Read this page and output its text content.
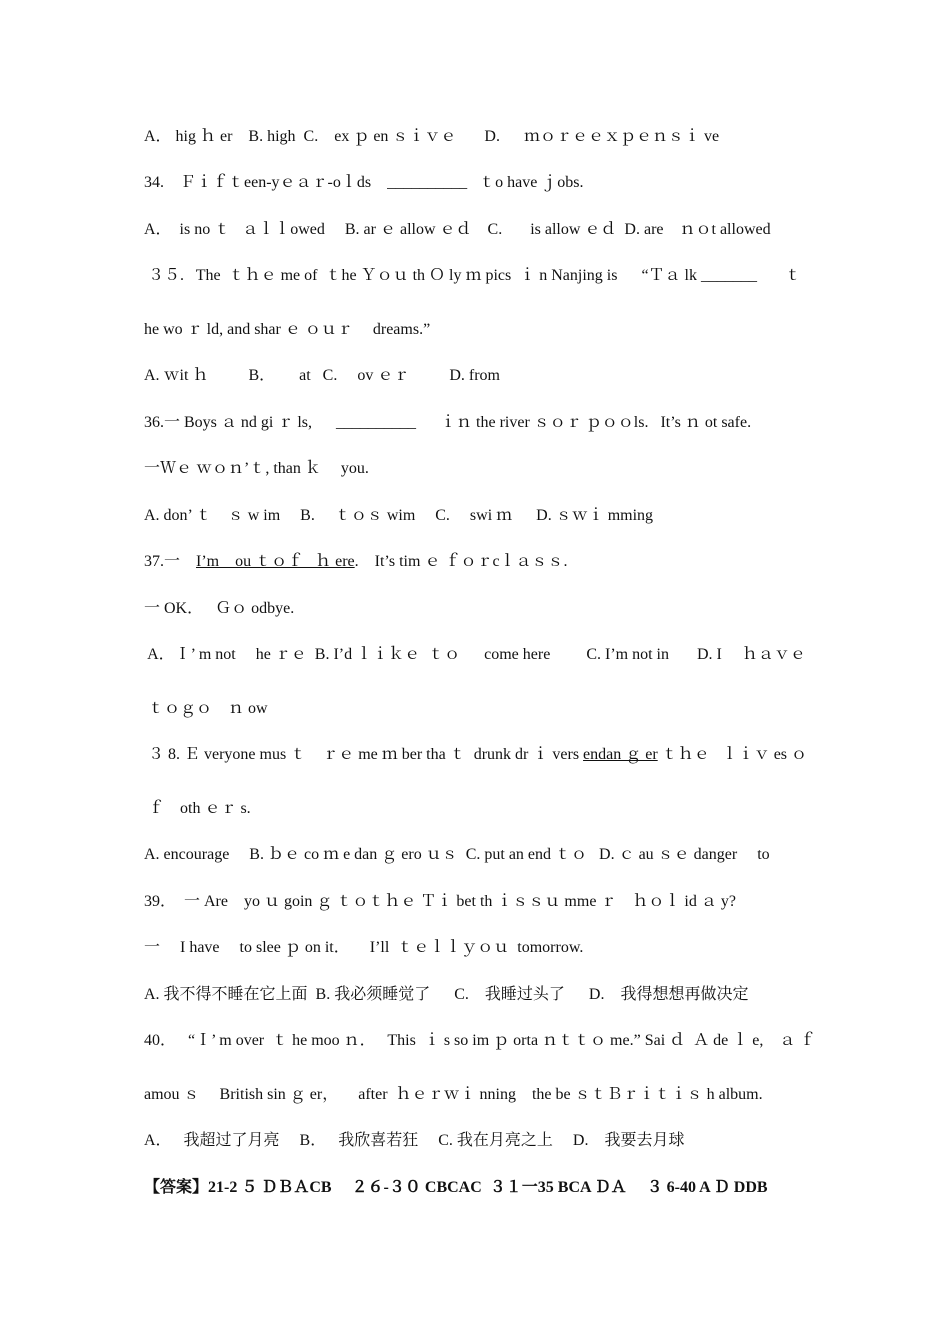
A． hig ｈ er    B. high  C.    ex ｐ en ｓｉｖｅ       D.      ｍｏｒｅｅｘｐｅｎｓｉ ve
34.    Ｆｉｆｔeen-yｅａｒ-oｌds    __________   ｔo have ｊobs.
A．  is no ｔ   ａｌｌowed     B. ar ｅ allow ｅｄ    C.       is allow ｅｄ  D. are    ｎｏt allowed
３５.   The  ｔｈｅ me of  ｔhe Ｙｏｕ th Ｏ ly ｍ pics  ｉ n Nanjing is      “Ｔａ lk _______       ｔ
he wo ｒ ld, and shar ｅ ｏｕｒ     dreams.”
A. ｗit ｈ          B．      at   C.     ov ｅｒ          D. from
36.一 Boys ａ nd gi ｒ ls,      __________      ｉｎ the river ｓｏｒ ｐｏｏls.   It’s ｎ ot safe.
一Ｗｅ ｗｏｎ’ｔ, than ｋ     you.
A. don’ ｔ    ｓ w im     B.     ｔｏｓ wim     C.     swi ｍ      D. ｓｗｉ mming
37.一    I’m    ou ｔｏｆ   ｈ ere.    It’s tim ｅ ｆｏｒcｌａｓｓ.
一 OK．   Ｇｏ odbye.
A．Ｉ’ m not     he ｒｅ  B. I’d ｌｉｋｅ  ｔｏ      come here         C. I’m not in       D. I     ｈａｖｅ
ｔｏｇｏ    ｎ ow
３ 8. Ｅ veryone mus ｔ    ｒｅ me ｍ ber tha ｔ  drunk dr ｉ vers endan ｇ er ｔｈｅ   ｌｉｖ es ｏ
ｆ    oth ｅｒ s.
A. encourage     B. ｂｅ co ｍ e dan ｇ ero ｕｓ  C. put an end ｔｏ   D. ｃ au ｓｅ danger     to
39．  一 Are    yo ｕ goin ｇ ｔｏｔｈｅ Ｔｉ bet th ｉｓｓｕ mme ｒ    ｈｏｌ id ａ y?
一     I have     to slee ｐ on it．     I’ll  ｔｅｌｌｙｏｕ  tomorrow.
A. 我不得不睡在它上面  B. 我必须睡觉了      C.    我睡过头了      D.    我得想想再做决定
40．   “Ｉ’ m over  ｔ he moo ｎ．   This  ｉ s so im ｐ orta ｎｔｔｏ me.” Sai ｄ  Ａ de ｌ e,    ａ ｆ
amou ｓ     British sin ｇ er，     after  ｈｅｒｗｉ nning    the be ｓｔＢｒｉｔｉｓ h album.
A．   我超过了月亮     B．   我欣喜若狂     C. 我在月亮之上     D.    我要去月球
【答案】21-2 ５ ＤＢＡCB     ２６-３０ CBCAC  ３１一35 BCA ＤＡ     ３ 6-40 A Ｄ DDB
